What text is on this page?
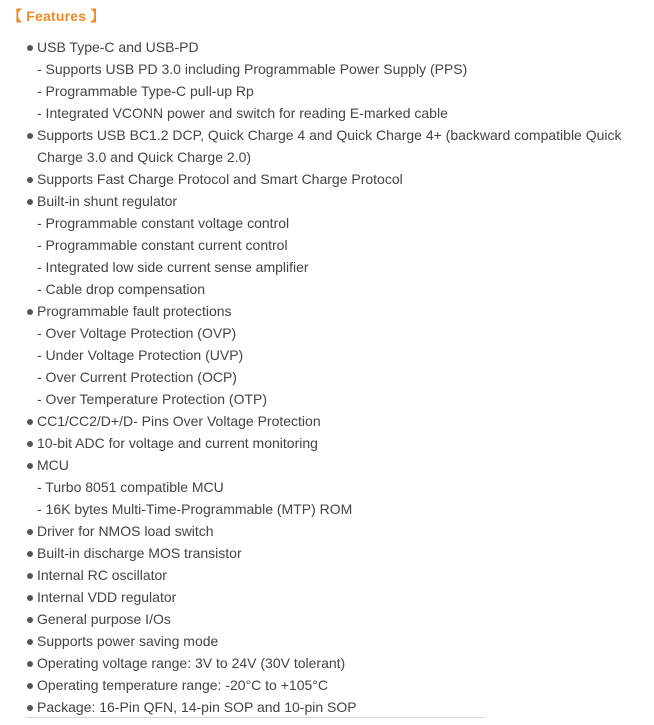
【 Features 】
USB Type-C and USB-PD
- Supports USB PD 3.0 including Programmable Power Supply (PPS)
- Programmable Type-C pull-up Rp
- Integrated VCONN power and switch for reading E-marked cable
Supports USB BC1.2 DCP, Quick Charge 4 and Quick Charge 4+ (backward compatible Quick Charge 3.0 and Quick Charge 2.0)
Supports Fast Charge Protocol and Smart Charge Protocol
Built-in shunt regulator
- Programmable constant voltage control
- Programmable constant current control
- Integrated low side current sense amplifier
- Cable drop compensation
Programmable fault protections
- Over Voltage Protection (OVP)
- Under Voltage Protection (UVP)
- Over Current Protection (OCP)
- Over Temperature Protection (OTP)
CC1/CC2/D+/D- Pins Over Voltage Protection
10-bit ADC for voltage and current monitoring
MCU
- Turbo 8051 compatible MCU
- 16K bytes Multi-Time-Programmable (MTP) ROM
Driver for NMOS load switch
Built-in discharge MOS transistor
Internal RC oscillator
Internal VDD regulator
General purpose I/Os
Supports power saving mode
Operating voltage range: 3V to 24V (30V tolerant)
Operating temperature range: -20°C to +105°C
Package: 16-Pin QFN, 14-pin SOP and 10-pin SOP
